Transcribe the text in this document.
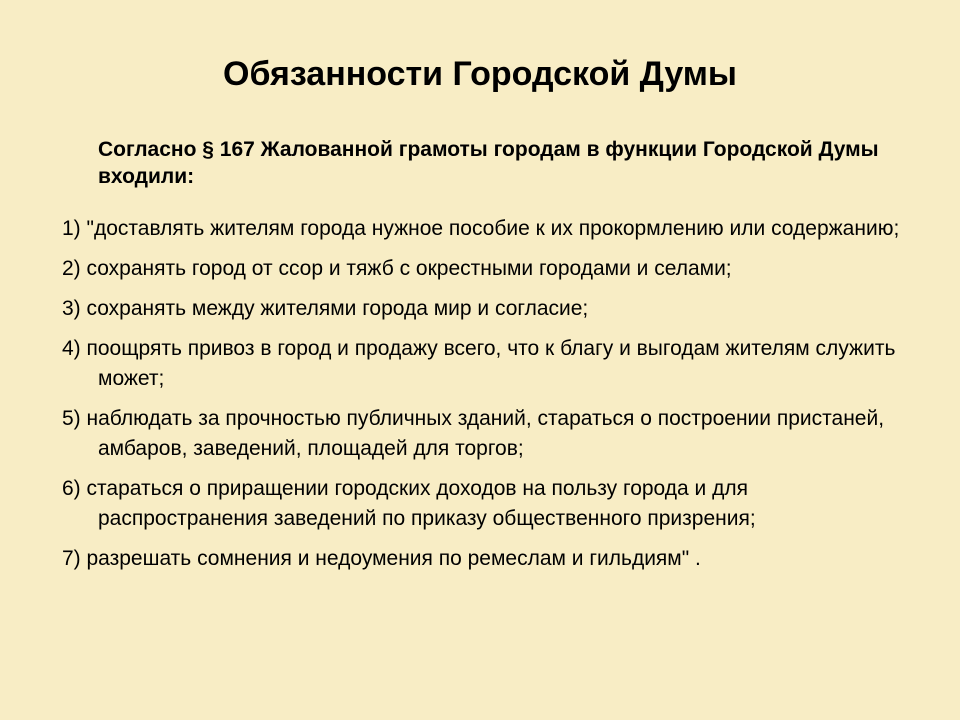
Обязанности Городской Думы

Согласно § 167 Жалованной грамоты городам в функции Городской Думы входили:

1) "доставлять жителям города нужное пособие к их прокормлению или содержанию;
2) сохранять город от ссор и тяжб с окрестными городами и селами;
3) сохранять между жителями города мир и согласие;
4) поощрять привоз в город и продажу всего, что к благу и выгодам жителям служить может;
5) наблюдать за прочностью публичных зданий, стараться о построении пристаней, амбаров, заведений, площадей для торгов;
6) стараться о приращении городских доходов на пользу города и для распространения заведений по приказу общественного призрения;
7) разрешать сомнения и недоумения по ремеслам и гильдиям" .
